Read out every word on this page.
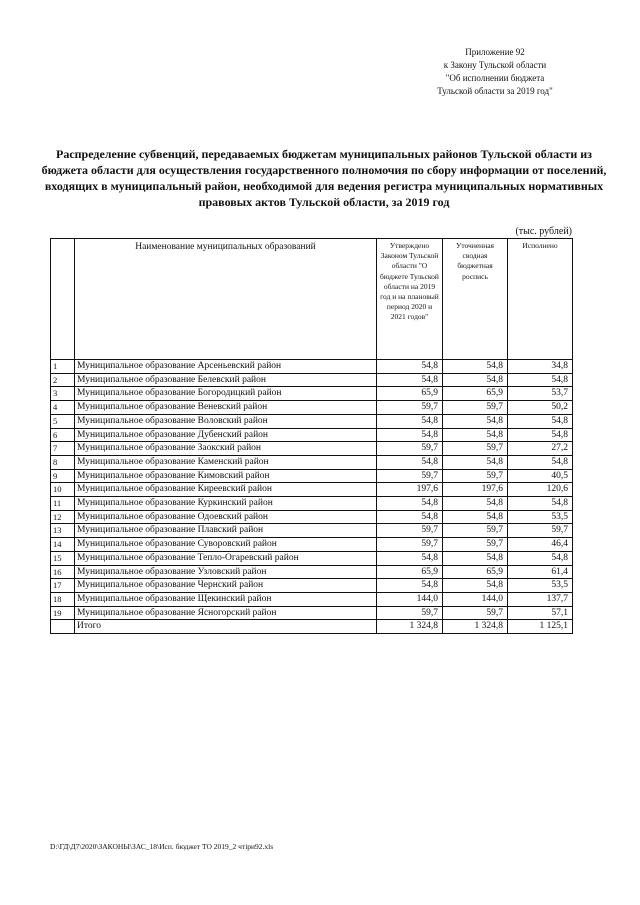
Приложение 92
к Закону Тульской области
"Об исполнении бюджета
Тульской области за 2019 год"
Распределение субвенций, передаваемых бюджетам муниципальных районов Тульской области из бюджета области для осуществления государственного полномочия по сбору информации от поселений, входящих в муниципальный район, необходимой для ведения регистра муниципальных нормативных правовых актов Тульской области, за 2019 год
(тыс. рублей)
	Наименование муниципальных образований	Утверждено Законом Тульской области "О бюджете Тульской области на 2019 год и на плановый период 2020 и 2021 годов"	Уточненная сводная бюджетная роспись	Исполнено
1	Муниципальное образование Арсеньевский район	54,8	54,8	34,8
2	Муниципальное образование Белевский район	54,8	54,8	54,8
3	Муниципальное образование Богородицкий район	65,9	65,9	53,7
4	Муниципальное образование Веневский район	59,7	59,7	50,2
5	Муниципальное образование Воловский район	54,8	54,8	54,8
6	Муниципальное образование Дубенский район	54,8	54,8	54,8
7	Муниципальное образование Заокский район	59,7	59,7	27,2
8	Муниципальное образование Каменский район	54,8	54,8	54,8
9	Муниципальное образование Кимовский район	59,7	59,7	40,5
10	Муниципальное образование Киреевский район	197,6	197,6	120,6
11	Муниципальное образование Куркинский район	54,8	54,8	54,8
12	Муниципальное образование Одоевский район	54,8	54,8	53,5
13	Муниципальное образование Плавский район	59,7	59,7	59,7
14	Муниципальное образование Суворовский район	59,7	59,7	46,4
15	Муниципальное образование Тепло-Огаревский район	54,8	54,8	54,8
16	Муниципальное образование Узловский район	65,9	65,9	61,4
17	Муниципальное образование Чернский район	54,8	54,8	53,5
18	Муниципальное образование Щекинский район	144,0	144,0	137,7
19	Муниципальное образование Ясногорский район	59,7	59,7	57,1
	Итого	1 324,8	1 324,8	1 125,1
D:\ГД\Д7\2020\ЗАКОНЫ\ЗАС_18\Исп. бюджет ТО 2019_2 чтіри92.xls
